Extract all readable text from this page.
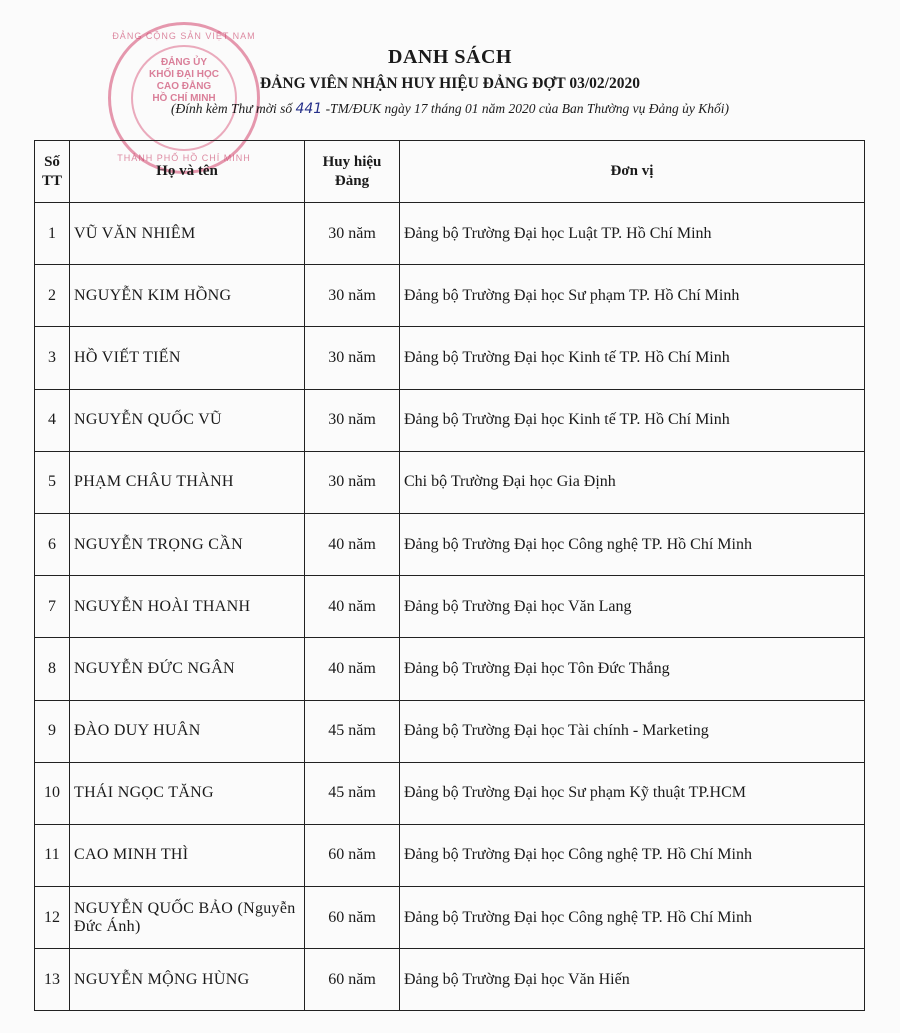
ĐẢNG CỘNG SẢN VIỆT NAM
ĐẢNG ỦY
KHỐI ĐẠI HỌC
CAO ĐẲNG
HỒ CHÍ MINH
THÀNH PHỐ HỒ CHÍ MINH
DANH SÁCH
ĐẢNG VIÊN NHẬN HUY HIỆU ĐẢNG ĐỢT 03/02/2020
(Đính kèm Thư mời số 441 -TM/ĐUK ngày 17 tháng 01 năm 2020 của Ban Thường vụ Đảng ủy Khối)
Số TT	Họ và tên	Huy hiệu Đảng	Đơn vị
1	VŨ VĂN NHIÊM	30 năm	Đảng bộ Trường Đại học Luật TP. Hồ Chí Minh
2	NGUYỄN KIM HỒNG	30 năm	Đảng bộ Trường Đại học Sư phạm TP. Hồ Chí Minh
3	HỒ VIẾT TIẾN	30 năm	Đảng bộ Trường Đại học Kinh tế TP. Hồ Chí Minh
4	NGUYỄN QUỐC VŨ	30 năm	Đảng bộ Trường Đại học Kinh tế TP. Hồ Chí Minh
5	PHẠM CHÂU THÀNH	30 năm	Chi bộ Trường Đại học Gia Định
6	NGUYỄN TRỌNG CẦN	40 năm	Đảng bộ Trường Đại học Công nghệ TP. Hồ Chí Minh
7	NGUYỄN HOÀI THANH	40 năm	Đảng bộ Trường Đại học Văn Lang
8	NGUYỄN ĐỨC NGÂN	40 năm	Đảng bộ Trường Đại học Tôn Đức Thắng
9	ĐÀO DUY HUÂN	45 năm	Đảng bộ Trường Đại học Tài chính - Marketing
10	THÁI NGỌC TĂNG	45 năm	Đảng bộ Trường Đại học Sư phạm Kỹ thuật TP.HCM
11	CAO MINH THÌ	60 năm	Đảng bộ Trường Đại học Công nghệ TP. Hồ Chí Minh
12	NGUYỄN QUỐC BẢO (Nguyễn Đức Ánh)	60 năm	Đảng bộ Trường Đại học Công nghệ TP. Hồ Chí Minh
13	NGUYỄN MỘNG HÙNG	60 năm	Đảng bộ Trường Đại học Văn Hiến
